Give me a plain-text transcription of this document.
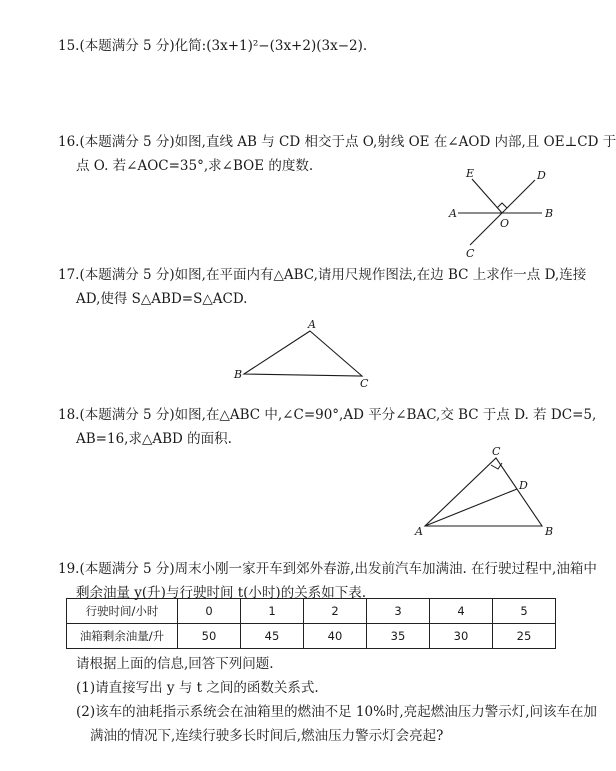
15.(本题满分 5 分)化简:(3x+1)²−(3x+2)(3x−2).
16.(本题满分 5 分)如图,直线 AB 与 CD 相交于点 O,射线 OE 在∠AOD 内部,且 OE⊥CD 于
点 O. 若∠AOC=35°,求∠BOE 的度数.	E	D
A
O
B
C
17.(本题满分 5 分)如图,在平面内有△ABC,请用尺规作图法,在边 BC 上求作一点 D,连接
AD,使得 S△ABD=S△ACD.
A
B
C
18.(本题满分 5 分)如图,在△ABC 中,∠C=90°,AD 平分∠BAC,交 BC 于点 D. 若 DC=5,
AB=16,求△ABD 的面积.
C
D
A	B
19.(本题满分 5 分)周末小刚一家开车到郊外春游,出发前汽车加满油. 在行驶过程中,油箱中
剩余油量 y(升)与行驶时间 t(小时)的关系如下表.
行驶时间/小时	0	1	2	3	4	5
油箱剩余油量/升	50	45	40	35	30	25
请根据上面的信息,回答下列问题.
(1)请直接写出 y 与 t 之间的函数关系式.
(2)该车的油耗指示系统会在油箱里的燃油不足 10%时,亮起燃油压力警示灯,问该车在加
满油的情况下,连续行驶多长时间后,燃油压力警示灯会亮起?
